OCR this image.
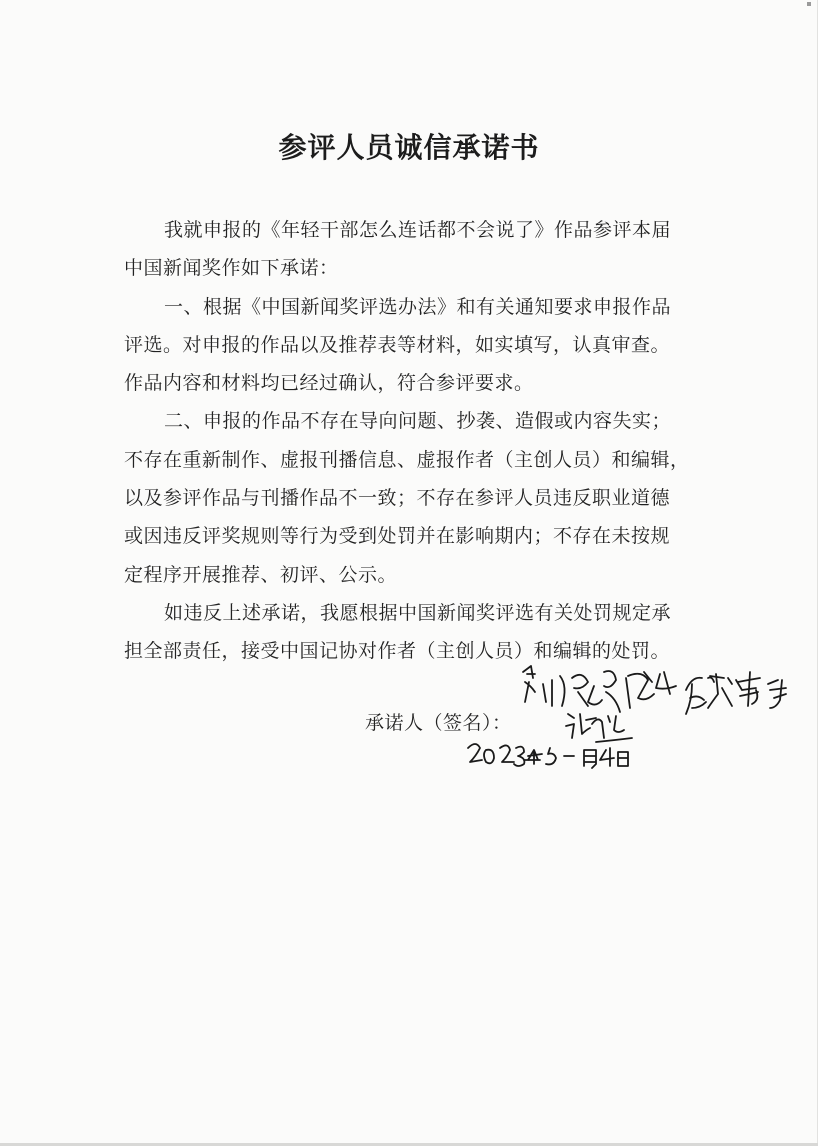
参评人员诚信承诺书
我就申报的《年轻干部怎么连话都不会说了》作品参评本届
中国新闻奖作如下承诺：
一、根据《中国新闻奖评选办法》和有关通知要求申报作品
评选。对申报的作品以及推荐表等材料，如实填写，认真审查。
作品内容和材料均已经过确认，符合参评要求。
二、申报的作品不存在导向问题、抄袭、造假或内容失实；
不存在重新制作、虚报刊播信息、虚报作者（主创人员）和编辑，
以及参评作品与刊播作品不一致；不存在参评人员违反职业道德
或因违反评奖规则等行为受到处罚并在影响期内；不存在未按规
定程序开展推荐、初评、公示。
如违反上述承诺，我愿根据中国新闻奖评选有关处罚规定承
担全部责任，接受中国记协对作者（主创人员）和编辑的处罚。
承诺人（签名）：
